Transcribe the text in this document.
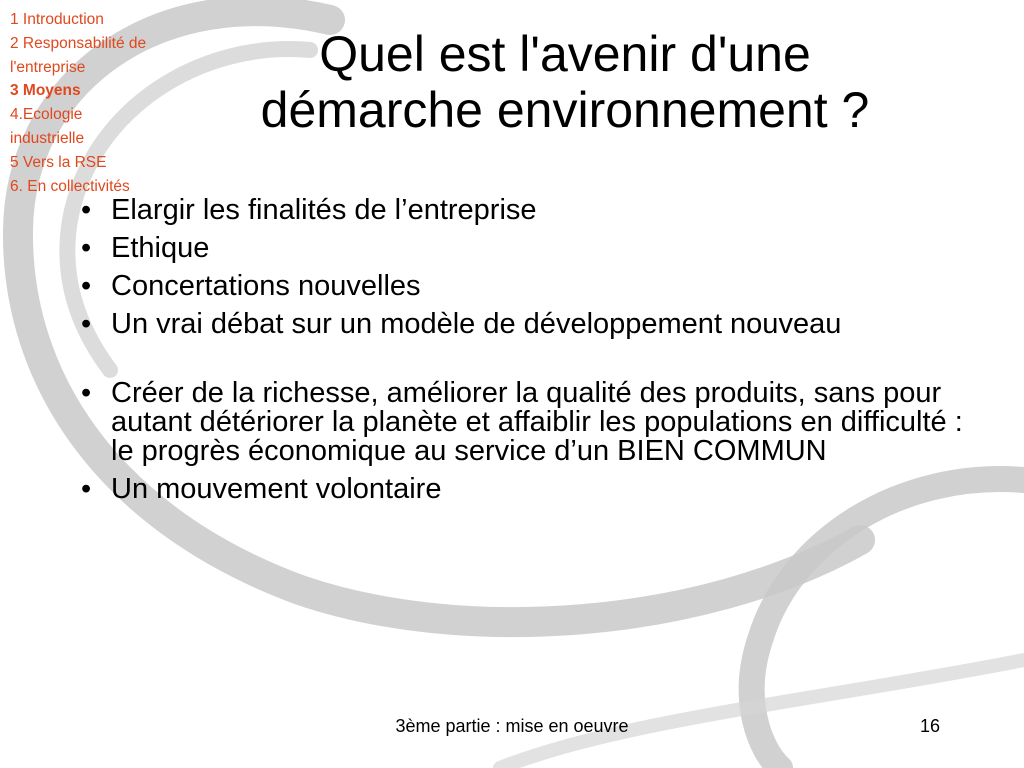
1 Introduction
2 Responsabilité de
l'entreprise
3 Moyens
4.Ecologie
industrielle
5 Vers la RSE
6. En collectivités
Quel est l'avenir d'une
démarche environnement ?
• Elargir les finalités de l’entreprise
• Ethique
• Concertations nouvelles
• Un vrai débat sur un modèle de développement nouveau
• Créer de la richesse, améliorer la qualité des produits, sans pour autant détériorer la planète et affaiblir les populations en difficulté : le progrès économique au service d’un BIEN COMMUN
• Un mouvement volontaire
3ème partie : mise en oeuvre	16
